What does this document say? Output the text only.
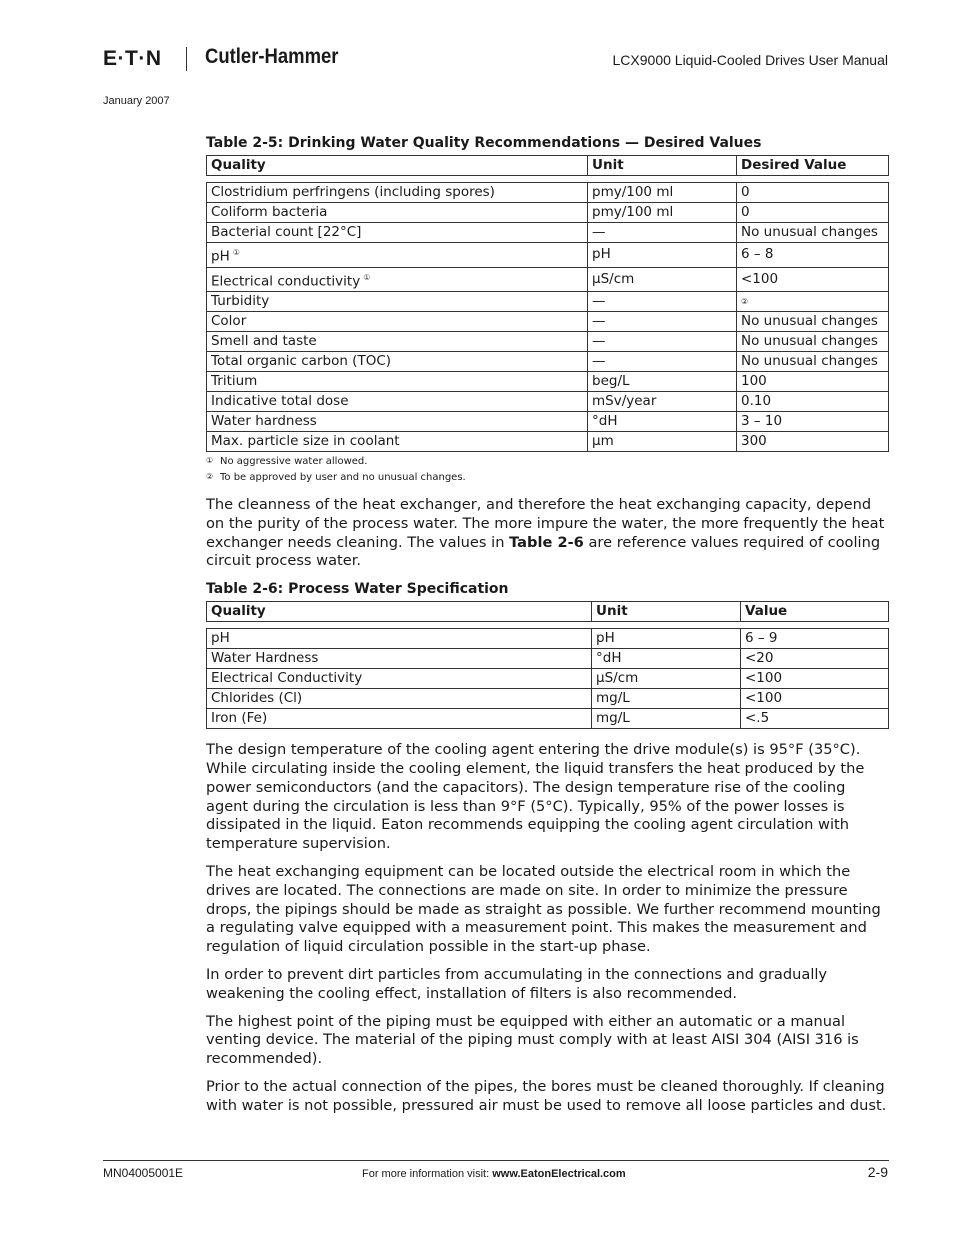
E·T·N Cutler-Hammer	LCX9000 Liquid-Cooled Drives User Manual
January 2007
Table 2-5: Drinking Water Quality Recommendations — Desired Values
Quality	Unit	Desired Value
Clostridium perfringens (including spores)	pmy/100 ml	0
Coliform bacteria	pmy/100 ml	0
Bacterial count [22°C]	—	No unusual changes
pH ①	pH	6 – 8
Electrical conductivity ①	µS/cm	<100
Turbidity	—	②
Color	—	No unusual changes
Smell and taste	—	No unusual changes
Total organic carbon (TOC)	—	No unusual changes
Tritium	beg/L	100
Indicative total dose	mSv/year	0.10
Water hardness	°dH	3 – 10
Max. particle size in coolant	µm	300
① No aggressive water allowed.
② To be approved by user and no unusual changes.

The cleanness of the heat exchanger, and therefore the heat exchanging capacity, depend on the purity of the process water. The more impure the water, the more frequently the heat exchanger needs cleaning. The values in Table 2-6 are reference values required of cooling circuit process water.

Table 2-6: Process Water Specification
Quality	Unit	Value
pH	pH	6 – 9
Water Hardness	°dH	<20
Electrical Conductivity	µS/cm	<100
Chlorides (Cl)	mg/L	<100
Iron (Fe)	mg/L	<.5

The design temperature of the cooling agent entering the drive module(s) is 95°F (35°C). While circulating inside the cooling element, the liquid transfers the heat produced by the power semiconductors (and the capacitors). The design temperature rise of the cooling agent during the circulation is less than 9°F (5°C). Typically, 95% of the power losses is dissipated in the liquid. Eaton recommends equipping the cooling agent circulation with temperature supervision.

The heat exchanging equipment can be located outside the electrical room in which the drives are located. The connections are made on site. In order to minimize the pressure drops, the pipings should be made as straight as possible. We further recommend mounting a regulating valve equipped with a measurement point. This makes the measurement and regulation of liquid circulation possible in the start-up phase.

In order to prevent dirt particles from accumulating in the connections and gradually weakening the cooling effect, installation of filters is also recommended.

The highest point of the piping must be equipped with either an automatic or a manual venting device. The material of the piping must comply with at least AISI 304 (AISI 316 is recommended).

Prior to the actual connection of the pipes, the bores must be cleaned thoroughly. If cleaning with water is not possible, pressured air must be used to remove all loose particles and dust.

MN04005001E	For more information visit: www.EatonElectrical.com	2-9
